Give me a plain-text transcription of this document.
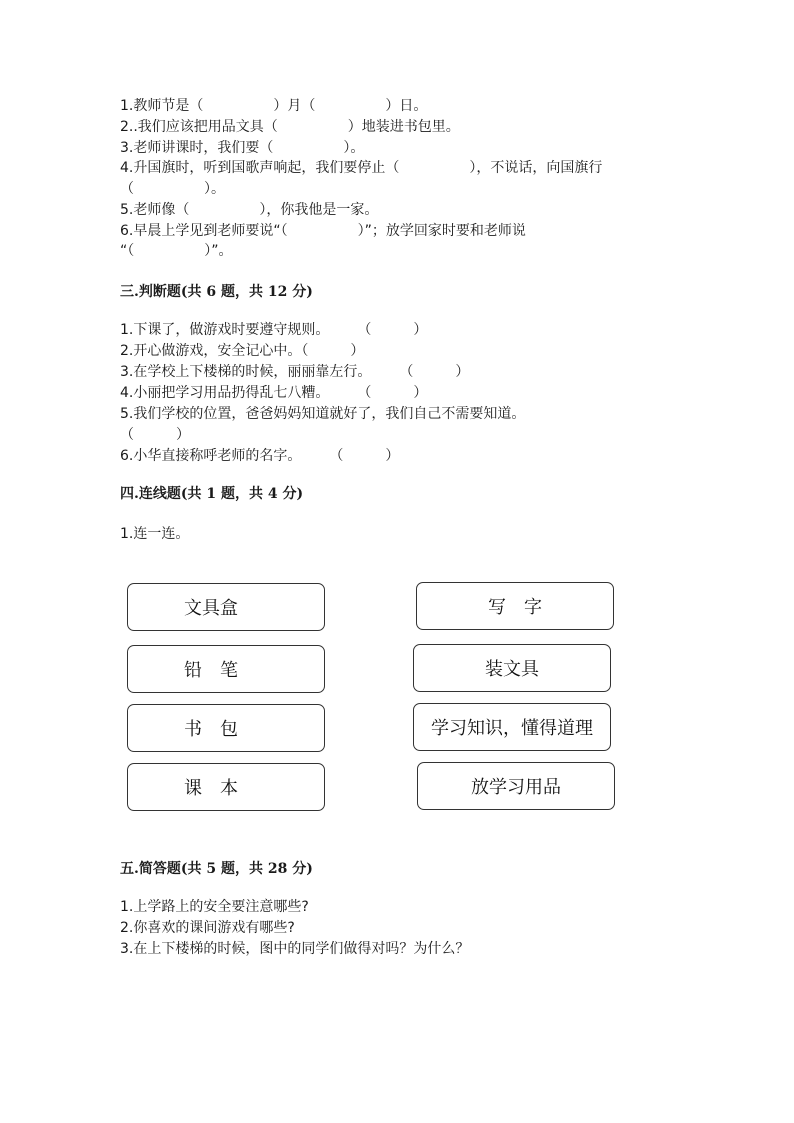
1.教师节是（　　　　　）月（　　　　　）日。
2..我们应该把用品文具（　　　　　）地装进书包里。
3.老师讲课时，我们要（　　　　　）。
4.升国旗时，听到国歌声响起，我们要停止（　　　　　），不说话，向国旗行
（　　　　　）。
5.老师像（　　　　　），你我他是一家。
6.早晨上学见到老师要说“（　　　　　）”；放学回家时要和老师说
“（　　　　　）”。
三.判断题(共 6 题，共 12 分)
1.下课了，做游戏时要遵守规则。　　　（　　　）
2.开心做游戏，安全记心中。（　　　）
3.在学校上下楼梯的时候，丽丽靠左行。　　　（　　　）
4.小丽把学习用品扔得乱七八糟。　　　（　　　）
5.我们学校的位置，爸爸妈妈知道就好了，我们自己不需要知道。
（　　　）
6.小华直接称呼老师的名字。　　　（　　　）
四.连线题(共 1 题，共 4 分)
1.连一连。
文具盒
铅　笔
书　包
课　本
写　字
装文具
学习知识，懂得道理
放学习用品
五.简答题(共 5 题，共 28 分)
1.上学路上的安全要注意哪些?
2.你喜欢的课间游戏有哪些?
3.在上下楼梯的时候，图中的同学们做得对吗？为什么？
